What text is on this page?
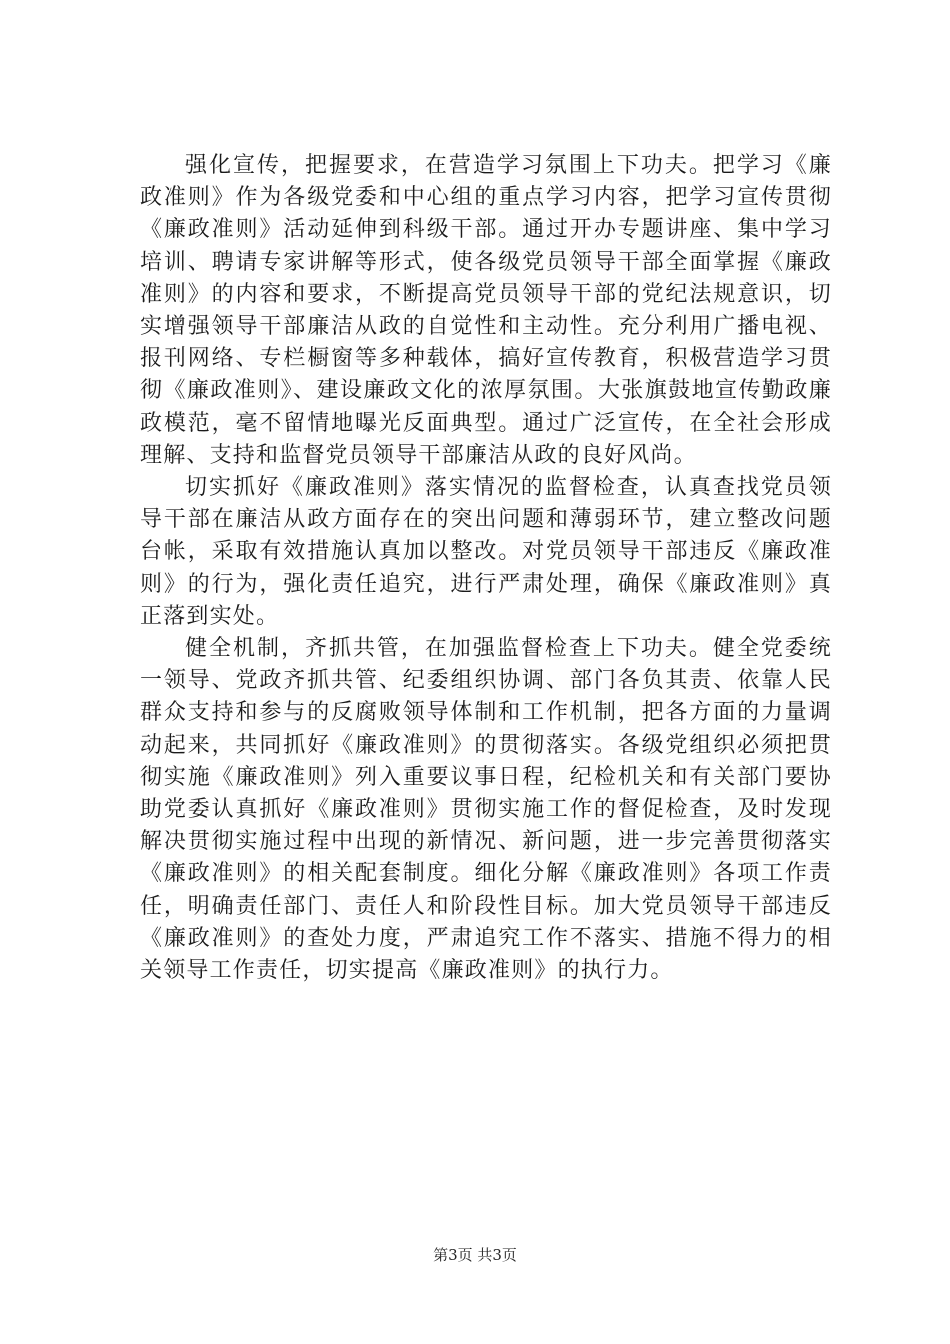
强化宣传，把握要求，在营造学习氛围上下功夫。把学习《廉政准则》作为各级党委和中心组的重点学习内容，把学习宣传贯彻《廉政准则》活动延伸到科级干部。通过开办专题讲座、集中学习培训、聘请专家讲解等形式，使各级党员领导干部全面掌握《廉政准则》的内容和要求，不断提高党员领导干部的党纪法规意识，切实增强领导干部廉洁从政的自觉性和主动性。充分利用广播电视、报刊网络、专栏橱窗等多种载体，搞好宣传教育，积极营造学习贯彻《廉政准则》、建设廉政文化的浓厚氛围。大张旗鼓地宣传勤政廉政模范，毫不留情地曝光反面典型。通过广泛宣传，在全社会形成理解、支持和监督党员领导干部廉洁从政的良好风尚。

切实抓好《廉政准则》落实情况的监督检查，认真查找党员领导干部在廉洁从政方面存在的突出问题和薄弱环节，建立整改问题台帐，采取有效措施认真加以整改。对党员领导干部违反《廉政准则》的行为，强化责任追究，进行严肃处理，确保《廉政准则》真正落到实处。

健全机制，齐抓共管，在加强监督检查上下功夫。健全党委统一领导、党政齐抓共管、纪委组织协调、部门各负其责、依靠人民群众支持和参与的反腐败领导体制和工作机制，把各方面的力量调动起来，共同抓好《廉政准则》的贯彻落实。各级党组织必须把贯彻实施《廉政准则》列入重要议事日程，纪检机关和有关部门要协助党委认真抓好《廉政准则》贯彻实施工作的督促检查，及时发现解决贯彻实施过程中出现的新情况、新问题，进一步完善贯彻落实《廉政准则》的相关配套制度。细化分解《廉政准则》各项工作责任，明确责任部门、责任人和阶段性目标。加大党员领导干部违反《廉政准则》的查处力度，严肃追究工作不落实、措施不得力的相关领导工作责任，切实提高《廉政准则》的执行力。

第3页 共3页
